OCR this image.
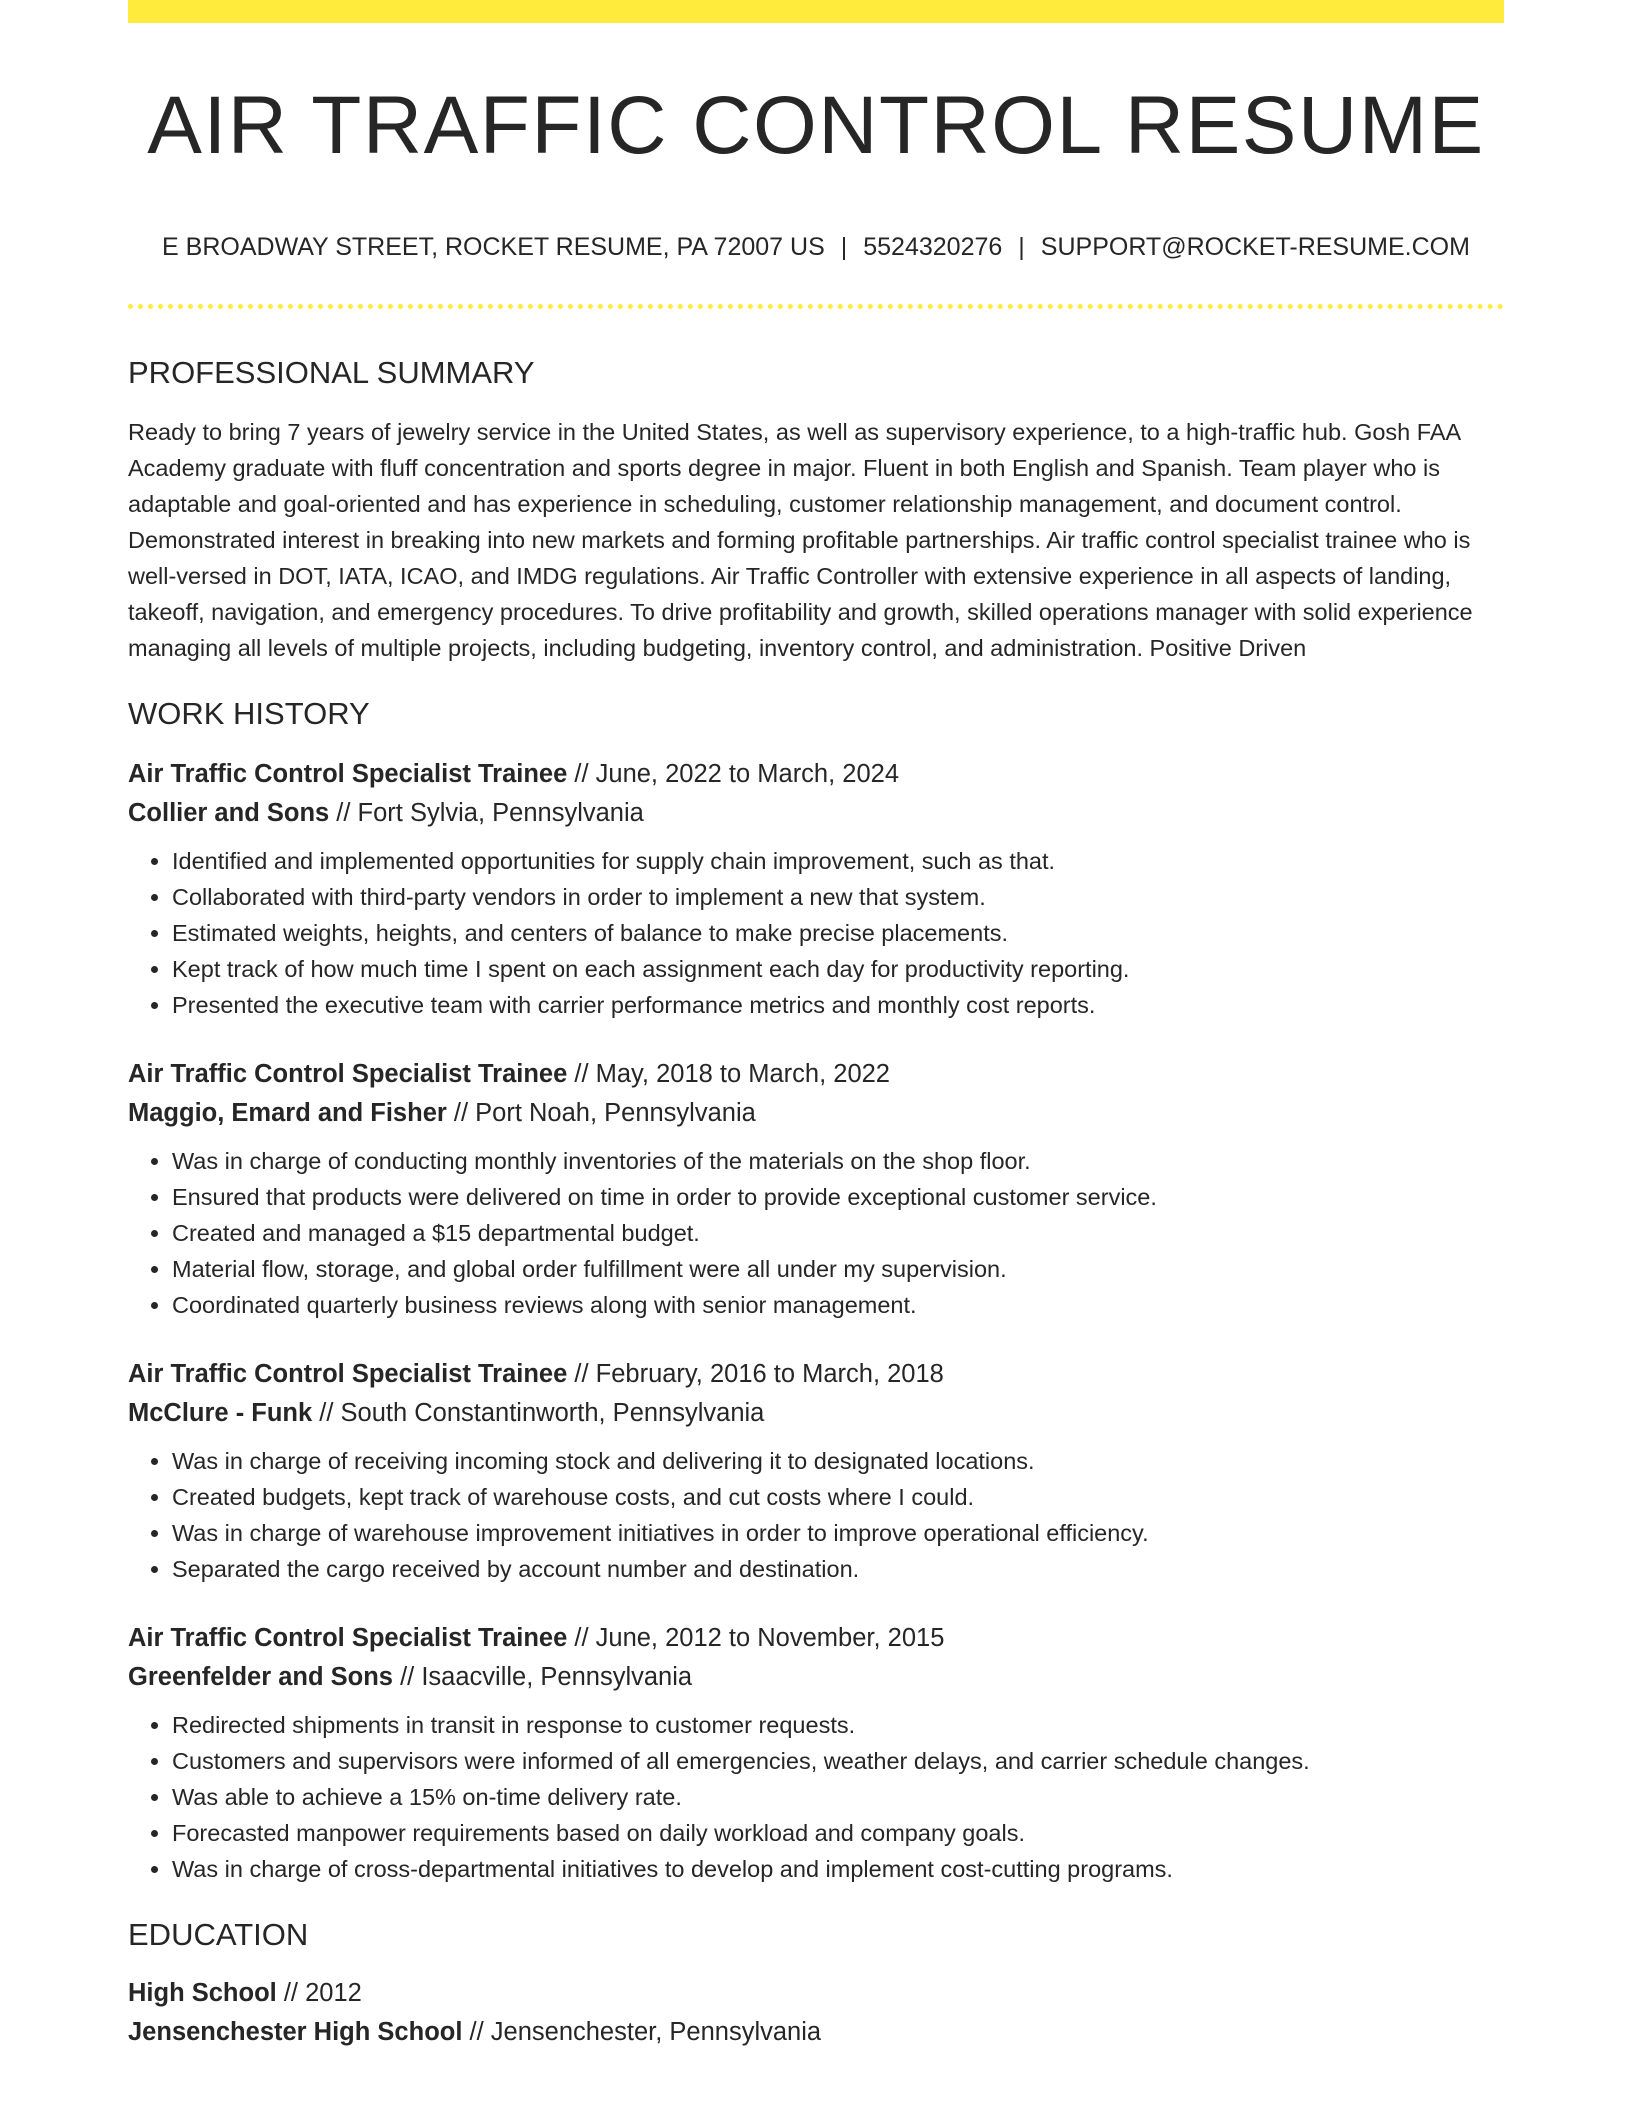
AIR TRAFFIC CONTROL RESUME
E BROADWAY STREET, ROCKET RESUME, PA 72007 US | 5524320276 | SUPPORT@ROCKET-RESUME.COM
PROFESSIONAL SUMMARY
Ready to bring 7 years of jewelry service in the United States, as well as supervisory experience, to a high-traffic hub. Gosh FAA Academy graduate with fluff concentration and sports degree in major. Fluent in both English and Spanish. Team player who is adaptable and goal-oriented and has experience in scheduling, customer relationship management, and document control. Demonstrated interest in breaking into new markets and forming profitable partnerships. Air traffic control specialist trainee who is well-versed in DOT, IATA, ICAO, and IMDG regulations. Air Traffic Controller with extensive experience in all aspects of landing, takeoff, navigation, and emergency procedures. To drive profitability and growth, skilled operations manager with solid experience managing all levels of multiple projects, including budgeting, inventory control, and administration. Positive Driven
WORK HISTORY
Air Traffic Control Specialist Trainee // June, 2022 to March, 2024
Collier and Sons // Fort Sylvia, Pennsylvania
• Identified and implemented opportunities for supply chain improvement, such as that.
• Collaborated with third-party vendors in order to implement a new that system.
• Estimated weights, heights, and centers of balance to make precise placements.
• Kept track of how much time I spent on each assignment each day for productivity reporting.
• Presented the executive team with carrier performance metrics and monthly cost reports.
Air Traffic Control Specialist Trainee // May, 2018 to March, 2022
Maggio, Emard and Fisher // Port Noah, Pennsylvania
• Was in charge of conducting monthly inventories of the materials on the shop floor.
• Ensured that products were delivered on time in order to provide exceptional customer service.
• Created and managed a $15 departmental budget.
• Material flow, storage, and global order fulfillment were all under my supervision.
• Coordinated quarterly business reviews along with senior management.
Air Traffic Control Specialist Trainee // February, 2016 to March, 2018
McClure - Funk // South Constantinworth, Pennsylvania
• Was in charge of receiving incoming stock and delivering it to designated locations.
• Created budgets, kept track of warehouse costs, and cut costs where I could.
• Was in charge of warehouse improvement initiatives in order to improve operational efficiency.
• Separated the cargo received by account number and destination.
Air Traffic Control Specialist Trainee // June, 2012 to November, 2015
Greenfelder and Sons // Isaacville, Pennsylvania
• Redirected shipments in transit in response to customer requests.
• Customers and supervisors were informed of all emergencies, weather delays, and carrier schedule changes.
• Was able to achieve a 15% on-time delivery rate.
• Forecasted manpower requirements based on daily workload and company goals.
• Was in charge of cross-departmental initiatives to develop and implement cost-cutting programs.
EDUCATION
High School // 2012
Jensenchester High School // Jensenchester, Pennsylvania
